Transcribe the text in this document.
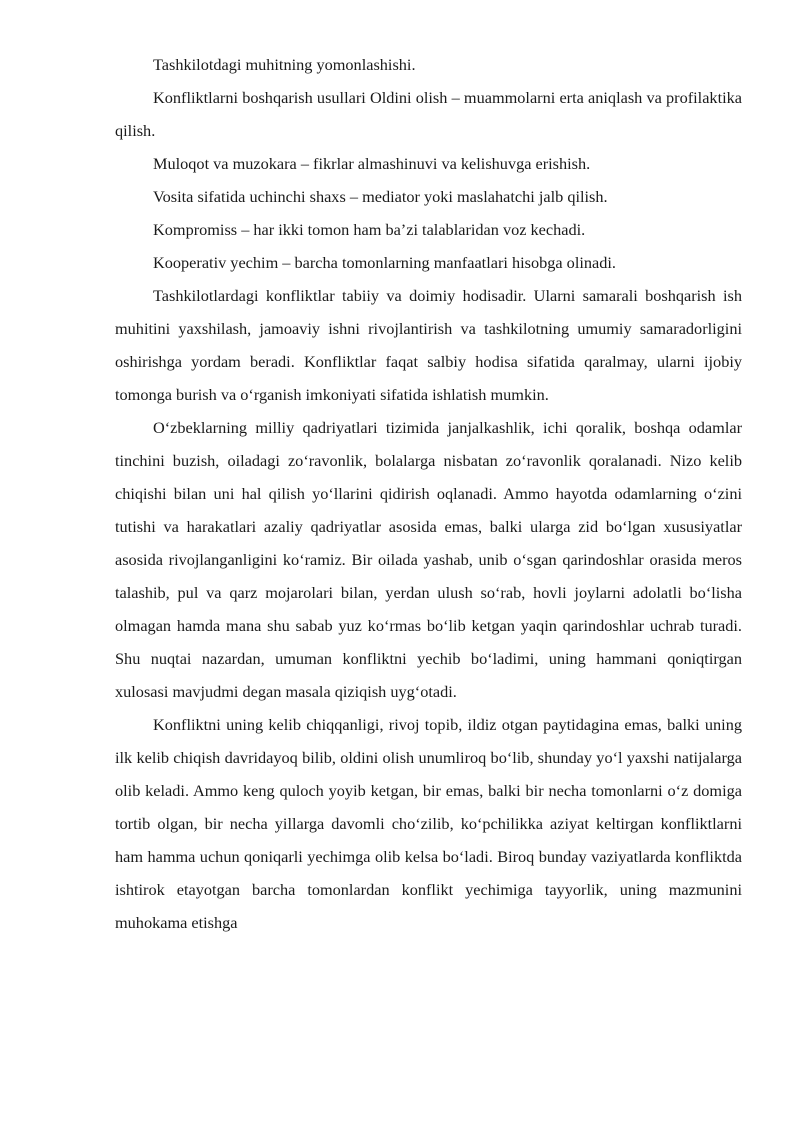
Tashkilotdagi muhitning yomonlashishi.

Konfliktlarni boshqarish usullari Oldini olish – muammolarni erta aniqlash va profilaktika qilish.

Muloqot va muzokara – fikrlar almashinuvi va kelishuvga erishish.

Vosita sifatida uchinchi shaxs – mediator yoki maslahatchi jalb qilish.

Kompromiss – har ikki tomon ham ba’zi talablaridan voz kechadi.

Kooperativ yechim – barcha tomonlarning manfaatlari hisobga olinadi.

Tashkilotlardagi konfliktlar tabiiy va doimiy hodisadir. Ularni samarali boshqarish ish muhitini yaxshilash, jamoaviy ishni rivojlantirish va tashkilotning umumiy samaradorligini oshirishga yordam beradi. Konfliktlar faqat salbiy hodisa sifatida qaralmay, ularni ijobiy tomonga burish va o‘rganish imkoniyati sifatida ishlatish mumkin.

O‘zbeklarning milliy qadriyatlari tizimida janjalkashlik, ichi qoralik, boshqa odamlar tinchini buzish, oiladagi zo‘ravonlik, bolalarga nisbatan zo‘ravonlik qoralanadi. Nizo kelib chiqishi bilan uni hal qilish yo‘llarini qidirish oqlanadi. Ammo hayotda odamlarning o‘zini tutishi va harakatlari azaliy qadriyatlar asosida emas, balki ularga zid bo‘lgan xususiyatlar asosida rivojlanganligini ko‘ramiz. Bir oilada yashab, unib o‘sgan qarindoshlar orasida meros talashib, pul va qarz mojarolari bilan, yerdan ulush so‘rab, hovli joylarni adolatli bo‘lisha olmagan hamda mana shu sabab yuz ko‘rmas bo‘lib ketgan yaqin qarindoshlar uchrab turadi. Shu nuqtai nazardan, umuman konfliktni yechib bo‘ladimi, uning hammani qoniqtirgan xulosasi mavjudmi degan masala qiziqish uyg‘otadi.

Konfliktni uning kelib chiqqanligi, rivoj topib, ildiz otgan paytidagina emas, balki uning ilk kelib chiqish davridayoq bilib, oldini olish unumliroq bo‘lib, shunday yo‘l yaxshi natijalarga olib keladi. Ammo keng quloch yoyib ketgan, bir emas, balki bir necha tomonlarni o‘z domiga tortib olgan, bir necha yillarga davomli cho‘zilib, ko‘pchilikka aziyat keltirgan konfliktlarni ham hamma uchun qoniqarli yechimga olib kelsa bo‘ladi. Biroq bunday vaziyatlarda konfliktda ishtirok etayotgan barcha tomonlardan konflikt yechimiga tayyorlik, uning mazmunini muhokama etishga
